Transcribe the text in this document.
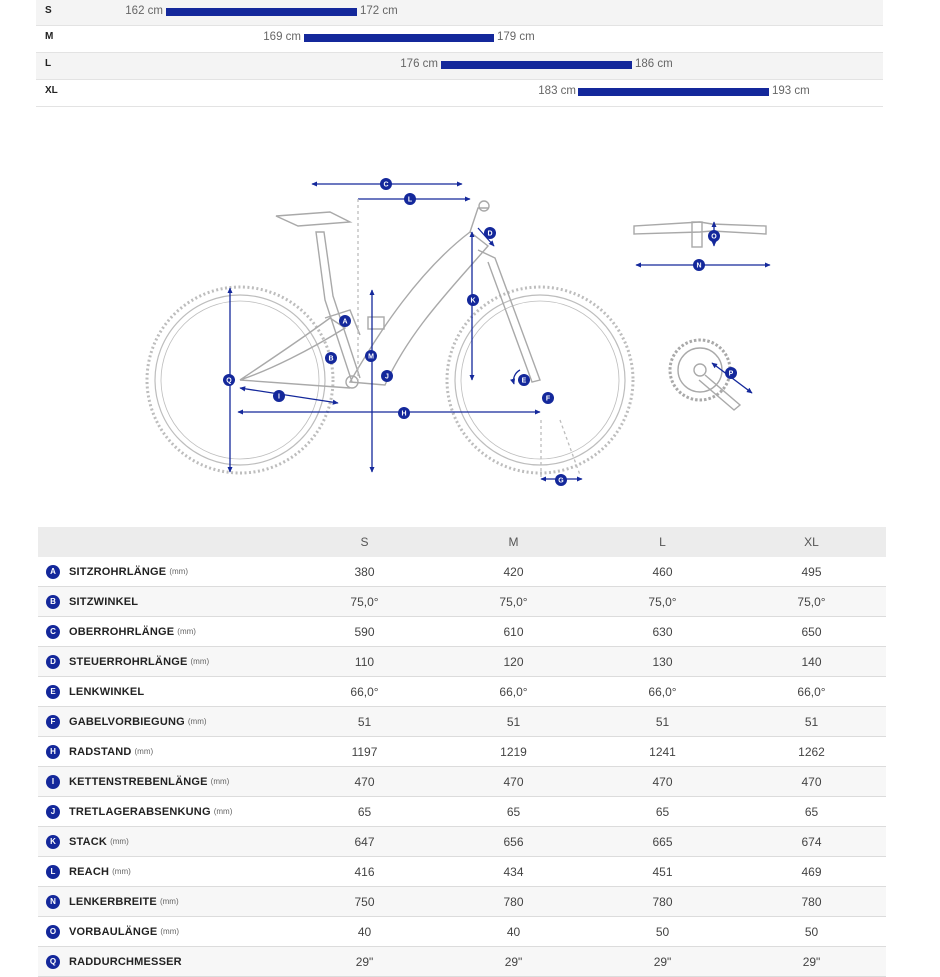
S	162 cm	172 cm
M	169 cm	179 cm
L	176 cm	186 cm
XL	183 cm	193 cm
C
L
D
K
A
M
B
J
Q
I
H
E
F
G
O
N
P
	S	M	L	XL
A SITZROHRLÄNGE (mm)	380	420	460	495
B SITZWINKEL	75,0°	75,0°	75,0°	75,0°
C OBERROHRLÄNGE (mm)	590	610	630	650
D STEUERROHRLÄNGE (mm)	110	120	130	140
E LENKWINKEL	66,0°	66,0°	66,0°	66,0°
F GABELVORBIEGUNG (mm)	51	51	51	51
H RADSTAND (mm)	1197	1219	1241	1262
I KETTENSTREBENLÄNGE (mm)	470	470	470	470
J TRETLAGERABSENKUNG (mm)	65	65	65	65
K STACK (mm)	647	656	665	674
L REACH (mm)	416	434	451	469
N LENKERBREITE (mm)	750	780	780	780
O VORBAULÄNGE (mm)	40	40	50	50
Q RADDURCHMESSER	29"	29"	29"	29"
